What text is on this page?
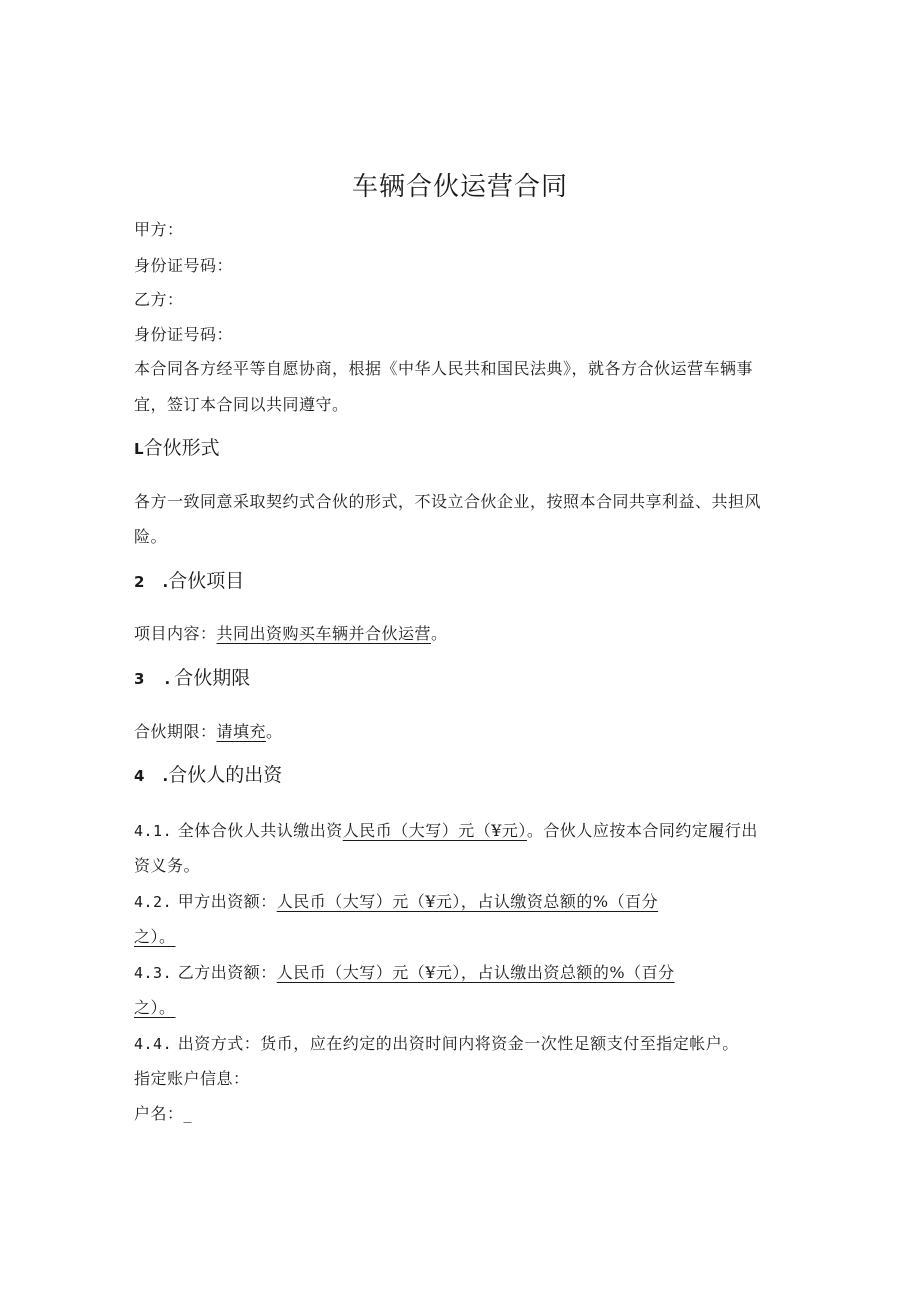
车辆合伙运营合同
甲方：
身份证号码：
乙方：
身份证号码：
本合同各方经平等自愿协商，根据《中华人民共和国民法典》，就各方合伙运营车辆事
宜，签订本合同以共同遵守。
L合伙形式
各方一致同意采取契约式合伙的形式，不设立合伙企业，按照本合同共享利益、共担风
险。
2 .合伙项目
项目内容：共同出资购买车辆并合伙运营。
3 . 合伙期限
合伙期限：请填充。
4 .合伙人的出资
4.1. 全体合伙人共认缴出资人民币（大写）元（¥元）。合伙人应按本合同约定履行出
资义务。
4.2. 甲方出资额：人民币（大写）元（¥元），占认缴资总额的%（百分
之）。
4.3. 乙方出资额：人民币（大写）元（¥元），占认缴出资总额的%（百分
之）。
4.4. 出资方式：货币，应在约定的出资时间内将资金一次性足额支付至指定帐户。
指定账户信息：
户名：_
